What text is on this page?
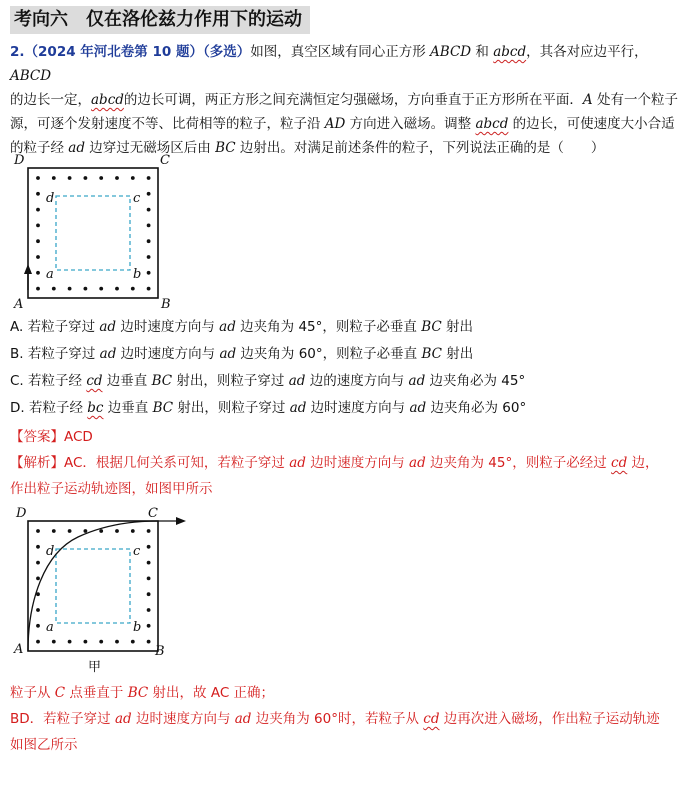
考向六　仅在洛伦兹力作用下的运动
2.（2024 年河北卷第 10 题）（多选）如图，真空区域有同心正方形 ABCD 和 abcd，其各对应边平行，ABCD
的边长一定，abcd的边长可调，两正方形之间充满恒定匀强磁场，方向垂直于正方形所在平面．A 处有一个粒子源，可逐个发射速度不等、比荷相等的粒子，粒子沿 AD 方向进入磁场。调整 abcd 的边长，可使速度大小合适的粒子经 ad 边穿过无磁场区后由 BC 边射出。对满足前述条件的粒子，下列说法正确的是（　　）
D	C
A	B
d	c
a	b
A. 若粒子穿过 ad 边时速度方向与 ad 边夹角为 45°，则粒子必垂直 BC 射出
B. 若粒子穿过 ad 边时速度方向与 ad 边夹角为 60°，则粒子必垂直 BC 射出
C. 若粒子经 cd 边垂直 BC 射出，则粒子穿过 ad 边的速度方向与 ad 边夹角必为 45°
D. 若粒子经 bc 边垂直 BC 射出，则粒子穿过 ad 边时速度方向与 ad 边夹角必为 60°
【答案】ACD
【解析】AC．根据几何关系可知，若粒子穿过 ad 边时速度方向与 ad 边夹角为 45°，则粒子必经过 cd 边，
作出粒子运动轨迹图，如图甲所示
D	C
A	B
d	c
a	b
甲
粒子从 C 点垂直于 BC 射出，故 AC 正确；
BD．若粒子穿过 ad 边时速度方向与 ad 边夹角为 60°时，若粒子从 cd 边再次进入磁场，作出粒子运动轨迹
如图乙所示
